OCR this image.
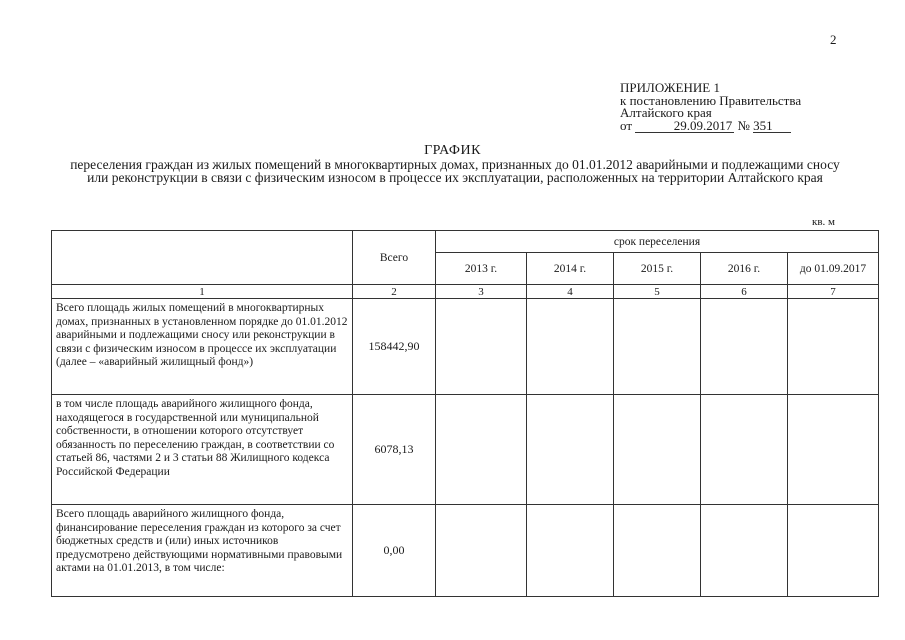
2
ПРИЛОЖЕНИЕ 1
к постановлению Правительства
Алтайского края
от	29.09.2017 № 351
ГРАФИК
переселения граждан из жилых помещений в многоквартирных домах, признанных до 01.01.2012 аварийными и подлежащими сносу или реконструкции в связи с физическим износом в процессе их эксплуатации, расположенных на территории Алтайского края
кв. м
	Всего	срок переселения				
		2013 г.	2014 г.	2015 г.	2016 г.	до 01.09.2017
1	2	3	4	5	6	7
Всего площадь жилых помещений в многоквартирных домах, признанных в установленном порядке до 01.01.2012 аварийными и подлежащими сносу или реконструкции в связи с физическим износом в процессе их эксплуатации (далее – «аварийный жилищный фонд»)	158442,90					
в том числе площадь аварийного жилищного фонда, находящегося в государственной или муниципальной собственности, в отношении которого отсутствует обязанность по переселению граждан, в соответствии со статьей 86, частями 2 и 3 статьи 88 Жилищного кодекса Российской Федерации	6078,13					

Всего площадь аварийного жилищного фонда, финансирование переселения граждан из которого за счет бюджетных средств и (или) иных источников предусмотрено действующими нормативными правовыми актами на 01.01.2013, в том числе:	0,00					
